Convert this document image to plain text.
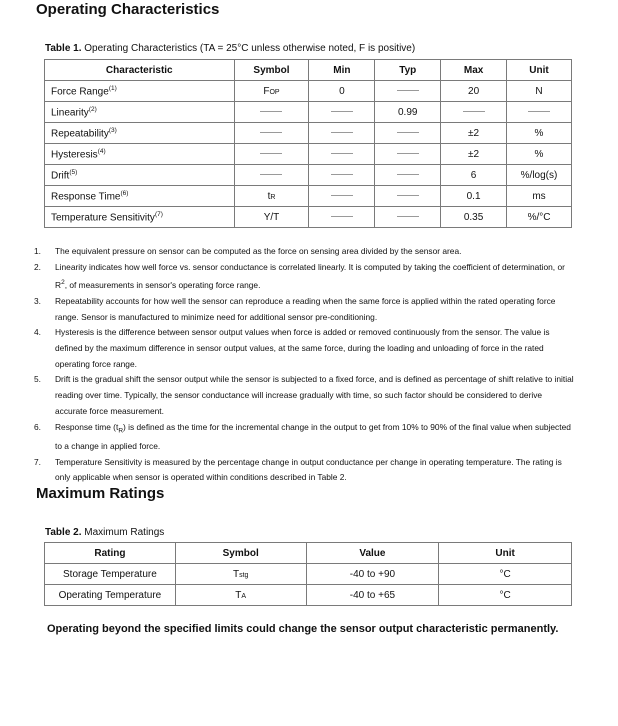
Operating Characteristics
Table 1. Operating Characteristics (TA = 25°C unless otherwise noted, F is positive)
Characteristic	Symbol	Min	Typ	Max	Unit
Force Range$^{(1)}$	FOP	0		20	N
Linearity$^{(2)}$			0.99		
Repeatability$^{(3)}$				±2	%
Hysteresis$^{(4)}$				±2	%
Drift$^{(5)}$				6	%/log(s)
Response Time$^{(6)}$	tR			0.1	ms
Temperature Sensitivity$^{(7)}$	Y/T			0.35	%/°C
1.	The equivalent pressure on sensor can be computed as the force on sensing area divided by the sensor area.
2.	Linearity indicates how well force vs. sensor conductance is correlated linearly. It is computed by taking the coefficient of determination, or $R^2$, of measurements in sensor's operating force range.
3.	Repeatability accounts for how well the sensor can reproduce a reading when the same force is applied within the rated operating force range. Sensor is manufactured to minimize need for additional sensor pre-conditioning.
4.	Hysteresis is the difference between sensor output values when force is added or removed continuously from the sensor. The value is defined by the maximum difference in sensor output values, at the same force, during the loading and unloading of force in the rated operating force range.
5.	Drift is the gradual shift the sensor output while the sensor is subjected to a fixed force, and is defined as percentage of shift relative to initial reading over time. Typically, the sensor conductance will increase gradually with time, so such factor should be considered to derive accurate force measurement.
6.	Response time $(t_R)$ is defined as the time for the incremental change in the output to get from 10% to 90% of the final value when subjected to a change in applied force.
7.	Temperature Sensitivity is measured by the percentage change in output conductance per change in operating temperature. The rating is only applicable when sensor is operated within conditions described in Table 2.
Maximum Ratings
Table 2. Maximum Ratings
Rating	Symbol	Value	Unit
Storage Temperature	Tstg	-40 to +90	°C
Operating Temperature	TA	-40 to +65	°C
Operating beyond the specified limits could change the sensor output characteristic permanently.
